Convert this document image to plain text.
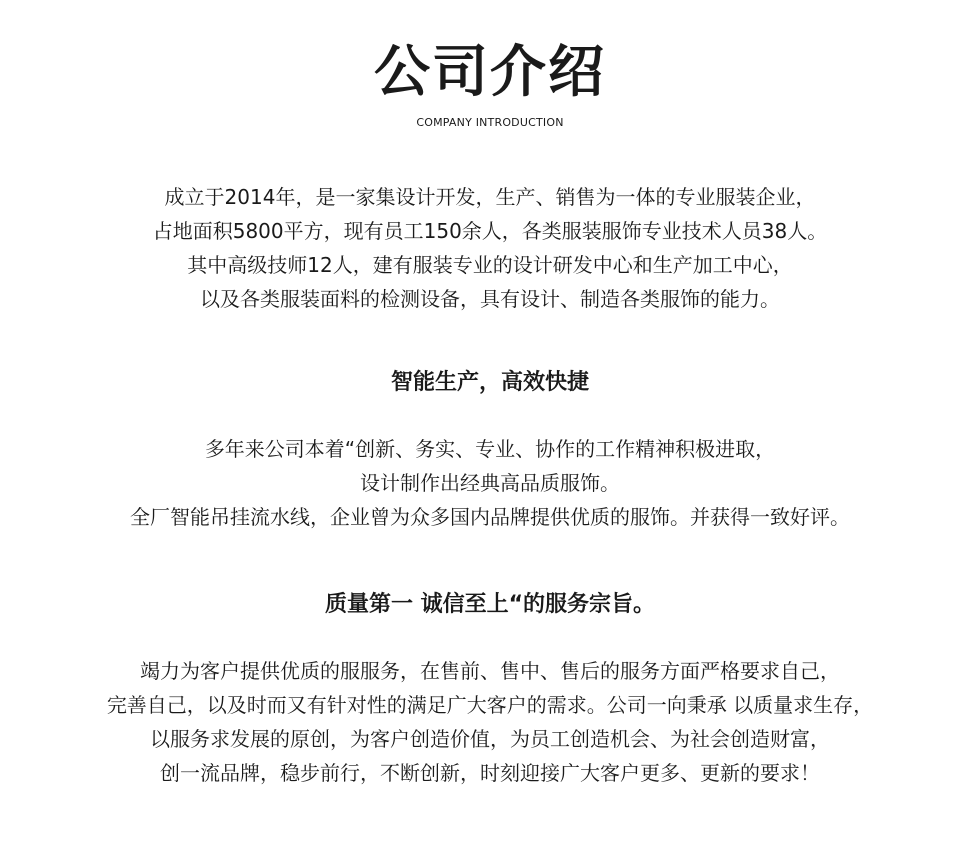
公司介绍

COMPANY INTRODUCTION

成立于2014年，是一家集设计开发，生产、销售为一体的专业服装企业，
占地面积5800平方，现有员工150余人，各类服装服饰专业技术人员38人。
其中高级技师12人，建有服装专业的设计研发中心和生产加工中心，
以及各类服装面料的检测设备，具有设计、制造各类服饰的能力。
智能生产，高效快捷
多年来公司本着“创新、务实、专业、协作的工作精神积极进取，
设计制作出经典高品质服饰。
全厂智能吊挂流水线，企业曾为众多国内品牌提供优质的服饰。并获得一致好评。
质量第一 诚信至上“的服务宗旨。
竭力为客户提供优质的服服务，在售前、售中、售后的服务方面严格要求自己，
完善自己，以及时而又有针对性的满足广大客户的需求。公司一向秉承 以质量求生存，
以服务求发展的原创，为客户创造价值，为员工创造机会、为社会创造财富，
创一流品牌，稳步前行，不断创新，时刻迎接广大客户更多、更新的要求！
